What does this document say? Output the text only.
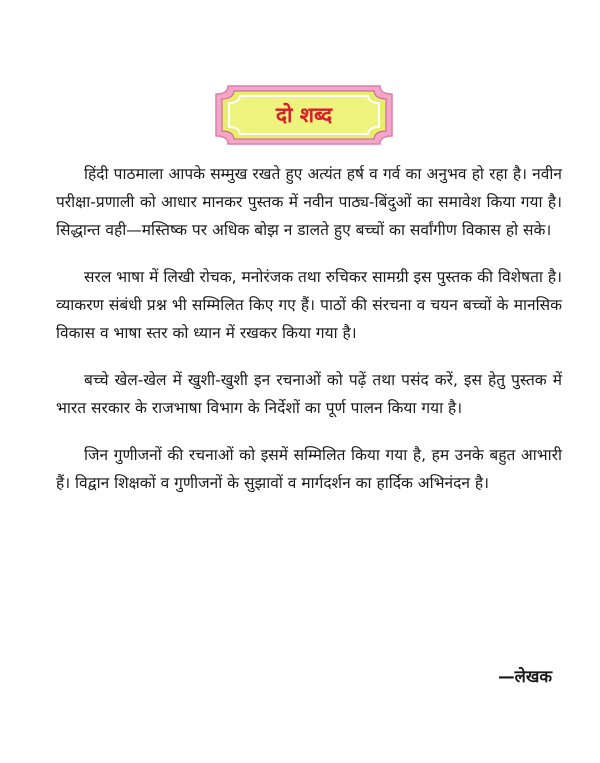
दो शब्द

हिंदी पाठमाला आपके सम्मुख रखते हुए अत्यंत हर्ष व गर्व का अनुभव हो रहा है। नवीन परीक्षा-प्रणाली को आधार मानकर पुस्तक में नवीन पाठ्य-बिंदुओं का समावेश किया गया है। सिद्धान्त वही—मस्तिष्क पर अधिक बोझ न डालते हुए बच्चों का सर्वांगीण विकास हो सके।

सरल भाषा में लिखी रोचक, मनोरंजक तथा रुचिकर सामग्री इस पुस्तक की विशेषता है। व्याकरण संबंधी प्रश्न भी सम्मिलित किए गए हैं। पाठों की संरचना व चयन बच्चों के मानसिक विकास व भाषा स्तर को ध्यान में रखकर किया गया है।

बच्चे खेल-खेल में खुशी-खुशी इन रचनाओं को पढ़ें तथा पसंद करें, इस हेतु पुस्तक में भारत सरकार के राजभाषा विभाग के निर्देशों का पूर्ण पालन किया गया है।

जिन गुणीजनों की रचनाओं को इसमें सम्मिलित किया गया है, हम उनके बहुत आभारी हैं। विद्वान शिक्षकों व गुणीजनों के सुझावों व मार्गदर्शन का हार्दिक अभिनंदन है।

—लेखक
